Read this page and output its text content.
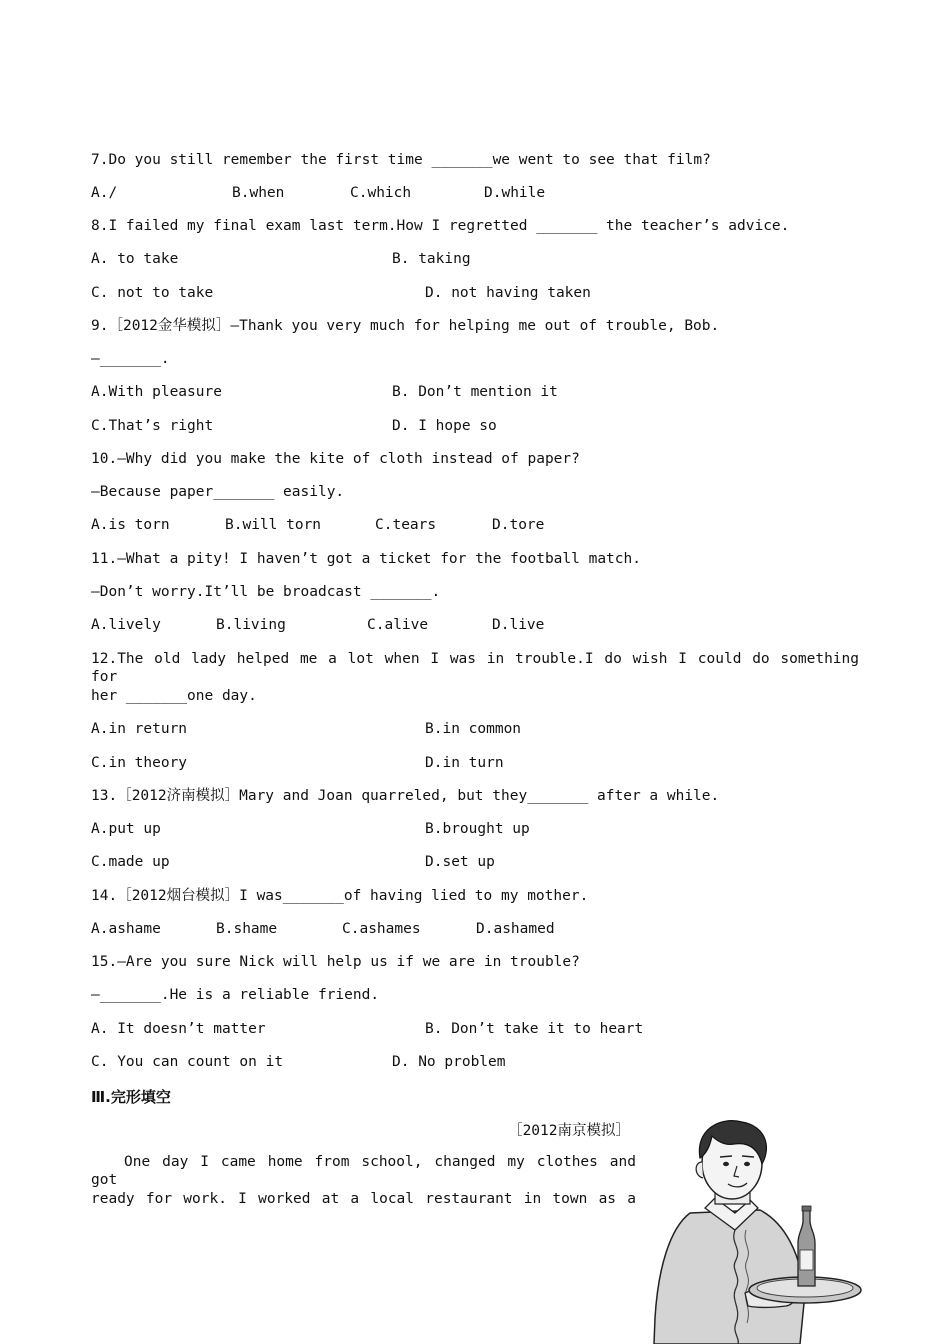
7.Do you still remember the first time _______we went to see that film?
A./	B.when	C.which	D.while
8.I failed my final exam last term.How I regretted _______ the teacher’s advice.
A. to take	B. taking
C. not to take	D. not having taken
9.［2012金华模拟］—Thank you very much for helping me out of trouble, Bob.
—_______.
A.With pleasure	B. Don’t mention it
C.That’s right	D. I hope so
10.—Why did you make the kite of cloth instead of paper?
—Because paper_______ easily.
A.is torn	B.will torn	C.tears	D.tore
11.—What a pity! I haven’t got a ticket for the football match.
—Don’t worry.It’ll be broadcast _______.
A.lively	B.living	C.alive	D.live
12.The old lady helped me a lot when I was in trouble.I do wish I could do something for
her _______one day.
A.in return	B.in common
C.in theory	D.in turn
13.［2012济南模拟］Mary and Joan quarreled, but they_______ after a while.
A.put up	B.brought up
C.made up	D.set up
14.［2012烟台模拟］I was_______of having lied to my mother.
A.ashame	B.shame	C.ashames	D.ashamed
15.—Are you sure Nick will help us if we are in trouble?
—_______.He is a reliable friend.
A. It doesn’t matter	B. Don’t take it to heart
C. You can count on it	D. No problem
Ⅲ.完形填空
［2012南京模拟］
One day I came home from school, changed my clothes and got
ready for work. I worked at a local restaurant in town as a
